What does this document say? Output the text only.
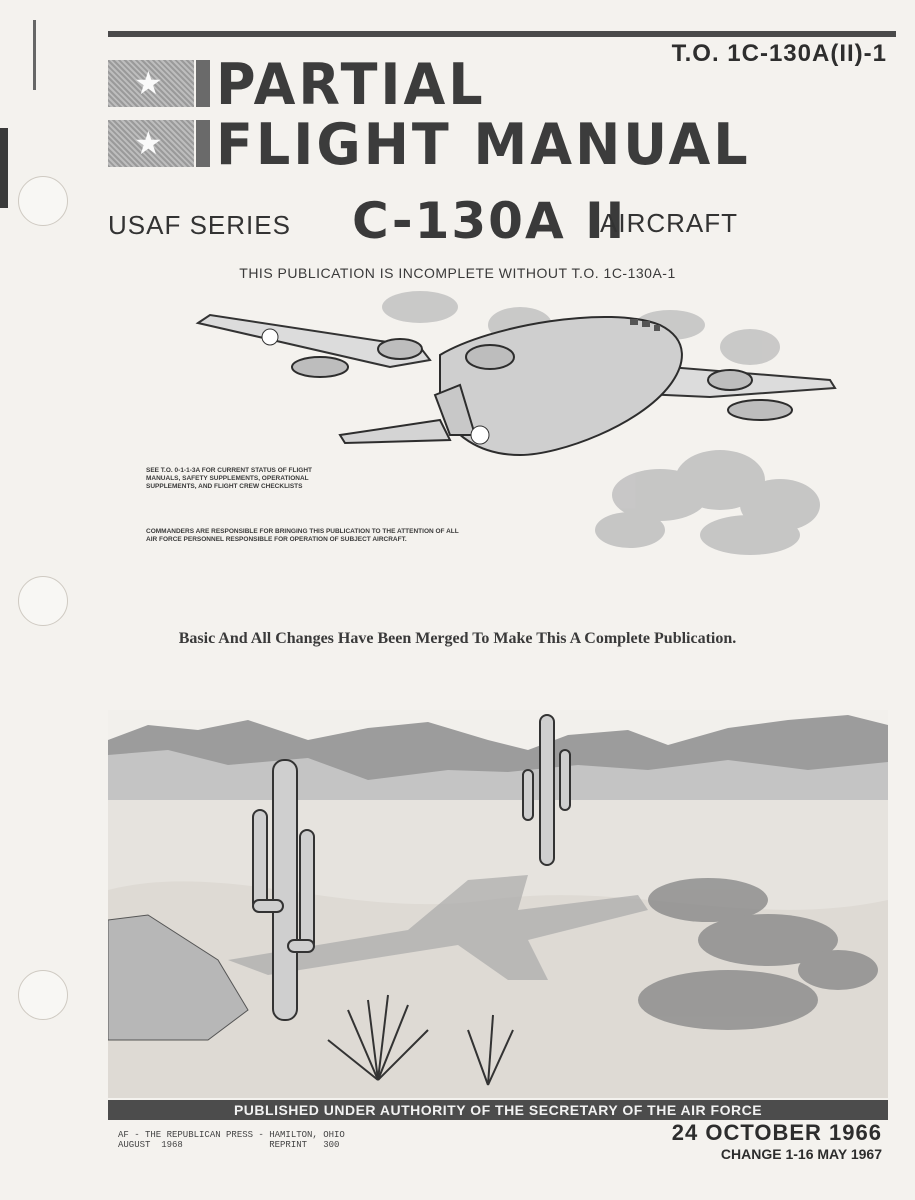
T.O. 1C-130A(II)-1
★ PARTIAL
★ FLIGHT MANUAL
USAF SERIES C-130A II
AIRCRAFT
THIS PUBLICATION IS INCOMPLETE WITHOUT T.O. 1C-130A-1
SEE T.O. 0-1-1-3A FOR CURRENT STATUS OF FLIGHT MANUALS, SAFETY SUPPLEMENTS, OPERATIONAL SUPPLEMENTS, AND FLIGHT CREW CHECKLISTS
COMMANDERS ARE RESPONSIBLE FOR BRINGING THIS PUBLICATION TO THE ATTENTION OF ALL AIR FORCE PERSONNEL RESPONSIBLE FOR OPERATION OF SUBJECT AIRCRAFT.
Basic And All Changes Have Been Merged To Make This A Complete Publication.
PUBLISHED UNDER AUTHORITY OF THE SECRETARY OF THE AIR FORCE
AF - THE REPUBLICAN PRESS - HAMILTON, OHIO
AUGUST  1968                REPRINT   300	24 OCTOBER 1966
CHANGE 1-16 MAY 1967
